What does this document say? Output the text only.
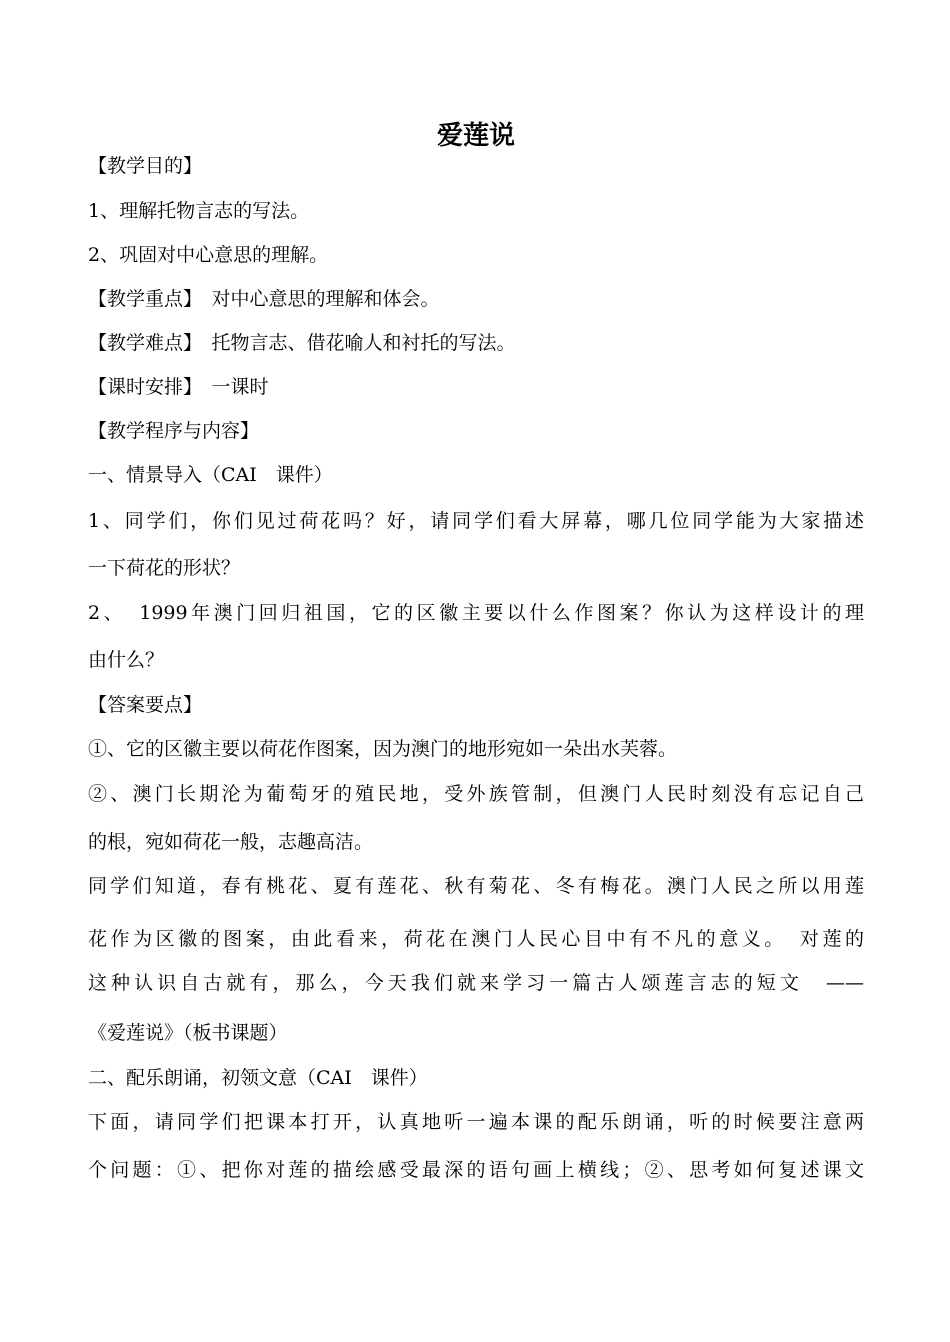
爱莲说

【教学目的】

1、理解托物言志的写法。

2、巩固对中心意思的理解。

【教学重点】　对中心意思的理解和体会。

【教学难点】　托物言志、借花喻人和衬托的写法。

【课时安排】　一课时

【教学程序与内容】

一、情景导入（CAI　课件）

1、同学们，你们见过荷花吗？好，请同学们看大屏幕，哪几位同学能为大家描述

一下荷花的形状？

2、　1999年澳门回归祖国，它的区徽主要以什么作图案？你认为这样设计的理

由什么？

【答案要点】

①、它的区徽主要以荷花作图案，因为澳门的地形宛如一朵出水芙蓉。

②、澳门长期沦为葡萄牙的殖民地，受外族管制，但澳门人民时刻没有忘记自己

的根，宛如荷花一般，志趣高洁。

同学们知道，春有桃花、夏有莲花、秋有菊花、冬有梅花。澳门人民之所以用莲

花作为区徽的图案，由此看来，荷花在澳门人民心目中有不凡的意义。　对莲的

这种认识自古就有，那么，今天我们就来学习一篇古人颂莲言志的短文　——

《爱莲说》（板书课题）

二、配乐朗诵，初领文意（CAI　课件）

下面，请同学们把课本打开，认真地听一遍本课的配乐朗诵，听的时候要注意两

个问题：①、把你对莲的描绘感受最深的语句画上横线；②、思考如何复述课文
